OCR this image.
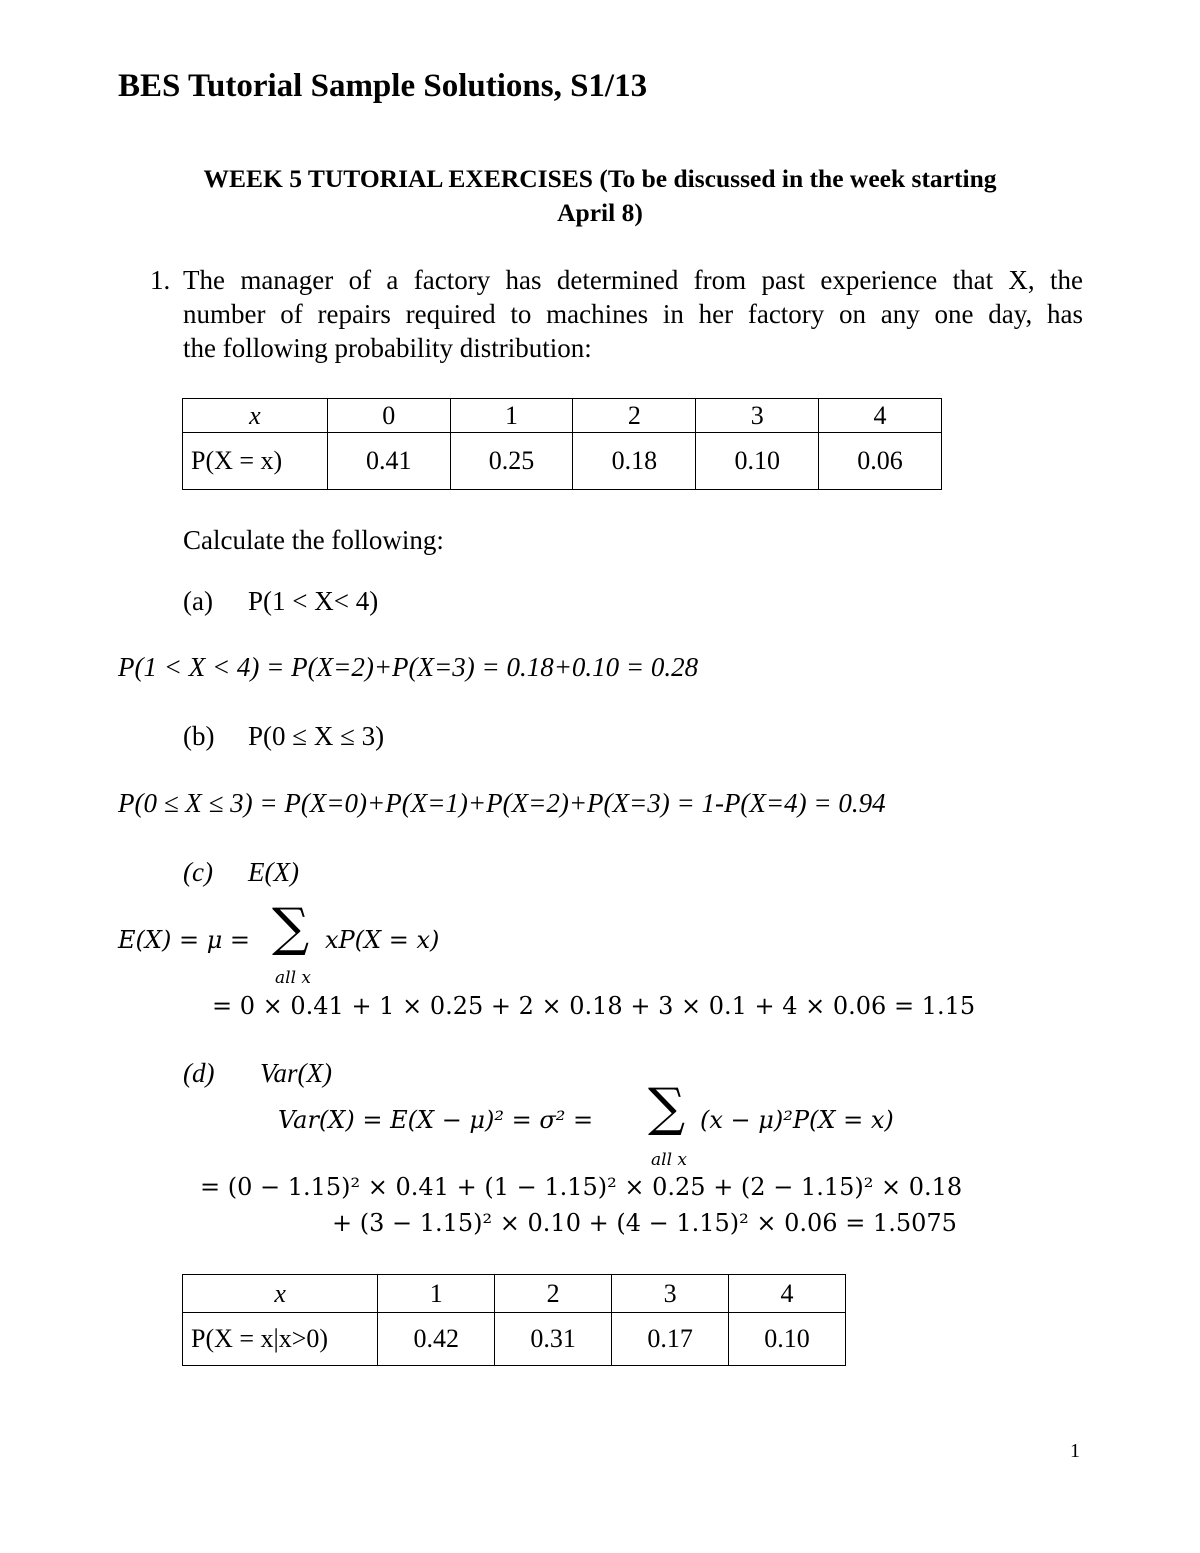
BES Tutorial Sample Solutions, S1/13
WEEK 5 TUTORIAL EXERCISES (To be discussed in the week starting
April 8)
1. The manager of a factory has determined from past experience that X, the
number of repairs required to machines in her factory on any one day, has
the following probability distribution:
x	0	1	2	3	4
P(X = x)	0.41	0.25	0.18	0.10	0.06
Calculate the following:
(a) P(1 < X< 4)
P(1 < X < 4) = P(X=2)+P(X=3) = 0.18+0.10 = 0.28
(b) P(0 ≤ X ≤ 3)
P(0 ≤ X ≤ 3) = P(X=0)+P(X=1)+P(X=2)+P(X=3) = 1-P(X=4) = 0.94
(c) E(X)
E(X) = μ = ∑
all x
xP(X = x)
= 0 × 0.41 + 1 × 0.25 + 2 × 0.18 + 3 × 0.1 + 4 × 0.06 = 1.15
(d) Var(X)
Var(X) = E(X − μ)² = σ² = ∑
all x
(x − μ)²P(X = x)
= (0 − 1.15)² × 0.41 + (1 − 1.15)² × 0.25 + (2 − 1.15)² × 0.18
+ (3 − 1.15)² × 0.10 + (4 − 1.15)² × 0.06 = 1.5075
x	1	2	3	4
P(X = x|x>0)	0.42	0.31	0.17	0.10
1
